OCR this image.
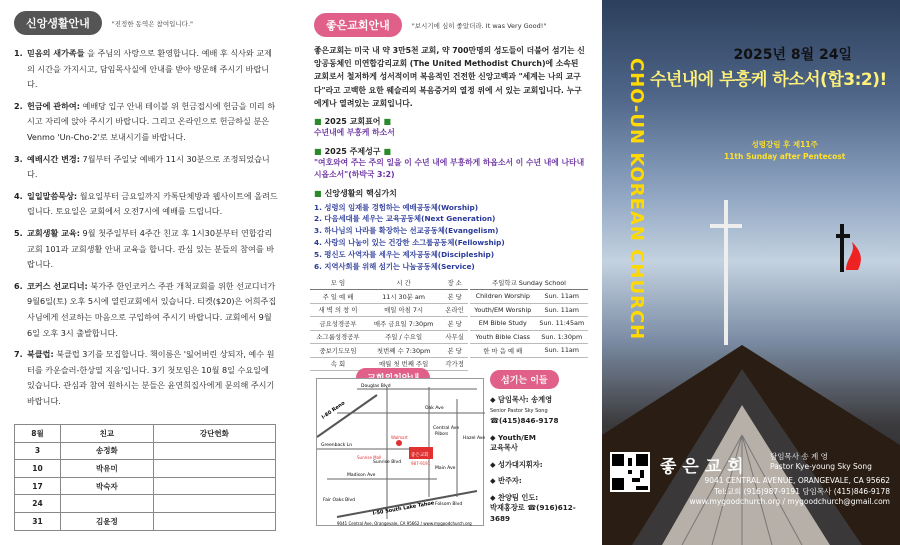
신앙생활안내	"진정한 동역은 참여입니다."
1. 믿음의 새가족들 을 주님의 사랑으로 환영합니다. 예배 후 식사와 교제의 시간을 가지시고, 담임목사실에 안내를 받아 방문해 주시기 바랍니다.
2. 헌금에 관하여: 예배당 입구 안내 테이블 위 헌금접시에 헌금을 미리 하시고 자리에 앉아 주시기 바랍니다. 그리고 온라인으로 헌금하실 분은 Venmo 'Un-Cho-2'로 보내시기를 바랍니다.
3. 예배시간 변경: 7월부터 주일낮 예배가 11시 30분으로 조정되었습니다.
4. 일일말씀묵상: 월요일부터 금요일까지 카톡단체방과 웹사이트에 올려드립니다. 토요일은 교회에서 오전7시에 예배를 드립니다.
5. 교회생활 교육: 9월 첫주일부터 4주간 친교 후 1시30분부터 연합감리교회 101과 교회생활 안내 교육을 합니다. 관심 있는 분들의 참여를 바랍니다.
6. 코커스 선교디너: 북가주 한인코커스 주관 개척교회를 위한 선교디너가 9월6일(토) 오후 5시에 열린교회에서 있습니다. 티켓($20)은 어희주집사님에게 선교하는 마음으로 구입하여 주시기 바랍니다. 교회에서 9월 6일 오후 3시 출발합니다.
7. 북클럽: 북클럽 3기를 모집합니다. 책이름은 '잃어버린 상되자, 예수 원터를 카운슬러-한상열 지음'입니다. 3기 첫모임은 10월 8일 수요일에 있습니다. 관심과 참여 원하시는 분들은 윤연희집사에게 문의해 주시기 바랍니다.
8월	친교	강단헌화
3	송정화	
10	박유미	
17	박숙자	
24		
31	김윤정	
좋은교회안내	"보시기에 심히 좋았더라. It was Very Good!"
좋은교회는 미국 내 약 3만5천 교회, 약 700만명의 성도들이 더불어 섬기는 신앙공동체인 미연합감리교회 (The United Methodist Church)에 소속된 교회로서 철저하게 성서적이며 복음적인 건전한 신앙고백과 "세계는 나의 교구다"라고 고백한 요한 웨슬리의 복음증거의 열정 위에 서 있는 교회입니다. 누구에게나 열려있는 교회입니다.
■ 2025 교회표어 ■
수년내에 부흥케 하소서
■ 2025 주제성구 ■
"여호와여 주는 주의 일을 이 수년 내에 부흥하게 하옵소서 이 수년 내에 나타내시옵소서"(하박국 3:2)
■ 신앙생활의 핵심가치
1. 성령의 임재를 경험하는 예배공동체(Worship)
2. 다음세대를 세우는 교육공동체(Next Generation)
3. 하나님의 나라를 확장하는 선교공동체(Evangelism)
4. 사랑의 나눔이 있는 건강한 소그룹공동체(Fellowship)
5. 평신도 사역자를 세우는 제자공동체(Discipleship)
6. 지역사회를 위해 섬기는 나눔공동체(Service)
모 임	시 간	장 소
주 일 예 배	11시 30분 am	본 당
새 벽 의 창 이	매일 아침 7시	온라인
금요성경공부	매주 금요일 7:30pm	본 당
소그룹성경공부	주일 / 수요일	사무실
중보기도모임	첫번째 수 7:30pm	본 당
속 회	매월 첫 번째 주일	각가정
주일학교 Sunday School	
Children Worship	Sun. 11am
Youth/EM Worship	Sun. 11am
EM Bible Study	Sun. 11:45am
Youth Bible Class	Sun. 1:30pm
한 마 음 예 배	Sun. 11am
Douglas Blvd
Oak Ave
Central Ave
Greenback Ln
Madison Ave
Sunrise Blvd
Folsom Blvd
Fair Oaks Blvd
I-80 Reno
I-50 South Lake Tahoe
좋은교회
987-9191
Walmart
Sunrise Mall
Hazel Ave
Main Ave
Pilbors
9041 Central Ave, Orangevale, CA 95662 / www.mygoodchurch.org
섬기는 이들
◆ 담임목사: 송계영
Senior Pastor Sky Song
☎(415)846-9178
◆ Youth/EM
교육목사
◆ 성가대지휘자:
◆ 반주자:
◆ 찬양팀 인도:
박재홍장로 ☎(916)612-3689
2025년 8월 24일
수년내에 부흥케 하소서(합3:2)!
CHO-UN KOREAN CHURCH	성령강림 후 제11주
11th Sunday after Pentecost
좋은교회
담임목사 송 계 영
Pastor Kye-young Sky Song
9041 CENTRAL AVENUE, ORANGEVALE, CA 95662
Tel:교회 (916)987-9191 담임목사 (415)846-9178
www.mygoodchurch.org / mygoodchurch@gmail.com
